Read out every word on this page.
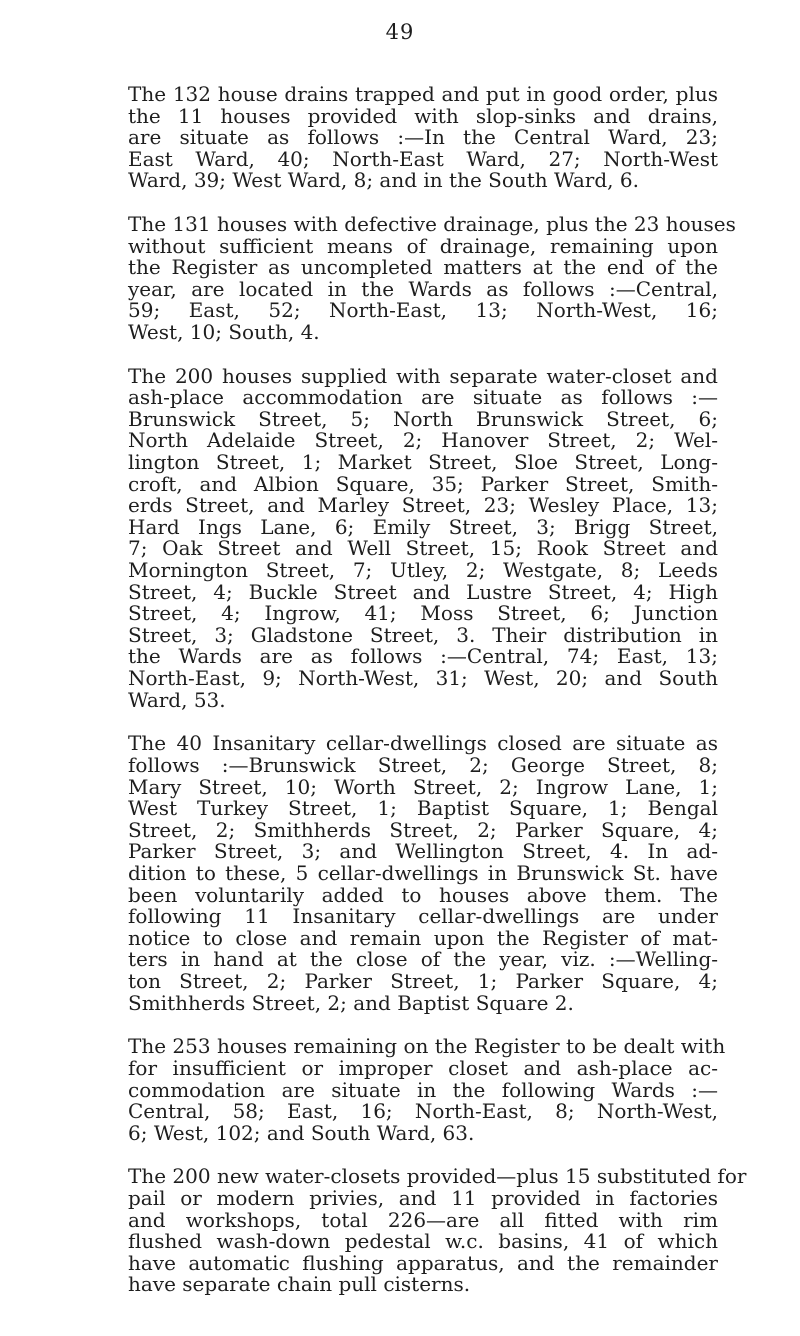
49
The 132 house drains trapped and put in good order, plus
the 11 houses provided with slop-sinks and drains,
are situate as follows :—In the Central Ward, 23;
East Ward, 40; North-East Ward, 27; North-West
Ward, 39; West Ward, 8; and in the South Ward, 6.
The 131 houses with defective drainage, plus the 23 houses
without sufficient means of drainage, remaining upon
the Register as uncompleted matters at the end of the
year, are located in the Wards as follows :—Central,
59; East, 52; North-East, 13; North-West, 16;
West, 10; South, 4.
The 200 houses supplied with separate water-closet and
ash-place accommodation are situate as follows :—
Brunswick Street, 5; North Brunswick Street, 6;
North Adelaide Street, 2; Hanover Street, 2; Wel-
lington Street, 1; Market Street, Sloe Street, Long-
croft, and Albion Square, 35; Parker Street, Smith-
erds Street, and Marley Street, 23; Wesley Place, 13;
Hard Ings Lane, 6; Emily Street, 3; Brigg Street,
7; Oak Street and Well Street, 15; Rook Street and
Mornington Street, 7; Utley, 2; Westgate, 8; Leeds
Street, 4; Buckle Street and Lustre Street, 4; High
Street, 4; Ingrow, 41; Moss Street, 6; Junction
Street, 3; Gladstone Street, 3. Their distribution in
the Wards are as follows :—Central, 74; East, 13;
North-East, 9; North-West, 31; West, 20; and South
Ward, 53.
The 40 Insanitary cellar-dwellings closed are situate as
follows :—Brunswick Street, 2; George Street, 8;
Mary Street, 10; Worth Street, 2; Ingrow Lane, 1;
West Turkey Street, 1; Baptist Square, 1; Bengal
Street, 2; Smithherds Street, 2; Parker Square, 4;
Parker Street, 3; and Wellington Street, 4. In ad-
dition to these, 5 cellar-dwellings in Brunswick St. have
been voluntarily added to houses above them. The
following 11 Insanitary cellar-dwellings are under
notice to close and remain upon the Register of mat-
ters in hand at the close of the year, viz. :—Welling-
ton Street, 2; Parker Street, 1; Parker Square, 4;
Smithherds Street, 2; and Baptist Square 2.
The 253 houses remaining on the Register to be dealt with
for insufficient or improper closet and ash-place ac-
commodation are situate in the following Wards :—
Central, 58; East, 16; North-East, 8; North-West,
6; West, 102; and South Ward, 63.
The 200 new water-closets provided—plus 15 substituted for
pail or modern privies, and 11 provided in factories
and workshops, total 226—are all fitted with rim
flushed wash-down pedestal w.c. basins, 41 of which
have automatic flushing apparatus, and the remainder
have separate chain pull cisterns.
